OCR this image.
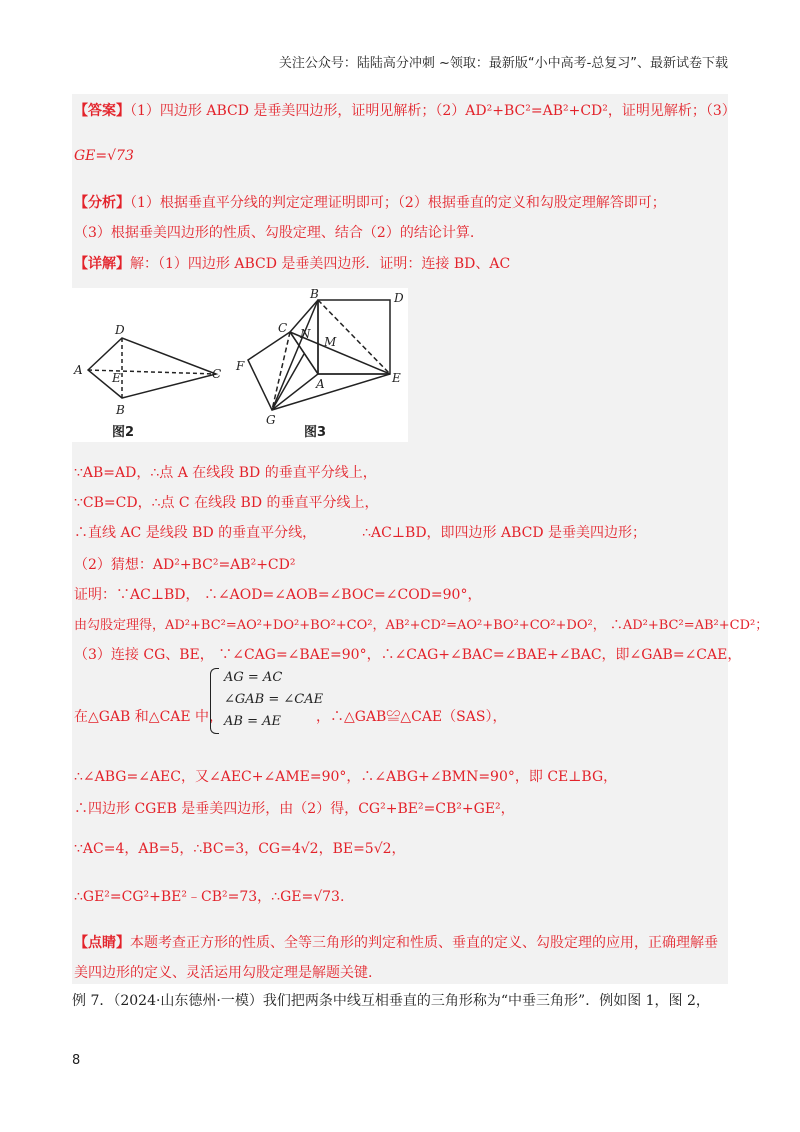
关注公众号：陆陆高分冲刺 ~领取：最新版“小中高考-总复习”、最新试卷下载
【答案】（1）四边形 ABCD 是垂美四边形，证明见解析；（2）AD²+BC²=AB²+CD²，证明见解析；（3）
GE=√73
【分析】（1）根据垂直平分线的判定定理证明即可；（2）根据垂直的定义和勾股定理解答即可；
（3）根据垂美四边形的性质、勾股定理、结合（2）的结论计算.
【详解】解：（1）四边形 ABCD 是垂美四边形．证明：连接 BD、AC
A
D
C
B
E
图2
B	D
C N
M
F
A	E
G
图3
∵AB=AD，∴点 A 在线段 BD 的垂直平分线上，
∵CB=CD，∴点 C 在线段 BD 的垂直平分线上，
∴直线 AC 是线段 BD 的垂直平分线，	∴AC⊥BD，即四边形 ABCD 是垂美四边形；
（2）猜想：AD²+BC²=AB²+CD²
证明：∵AC⊥BD， ∴∠AOD=∠AOB=∠BOC=∠COD=90°，
由勾股定理得，AD²+BC²=AO²+DO²+BO²+CO²，AB²+CD²=AO²+BO²+CO²+DO²， ∴AD²+BC²=AB²+CD²；
（3）连接 CG、BE， ∵∠CAG=∠BAE=90°，∴∠CAG+∠BAC=∠BAE+∠BAC，即∠GAB=∠CAE，
在△GAB 和△CAE 中，
AG = AC
∠GAB = ∠CAE
AB = AE	，∴△GAB≌△CAE（SAS），
∴∠ABG=∠AEC，又∠AEC+∠AME=90°，∴∠ABG+∠BMN=90°，即 CE⊥BG，
∴四边形 CGEB 是垂美四边形，由（2）得，CG²+BE²=CB²+GE²，
∵AC=4，AB=5，∴BC=3，CG=4√2，BE=5√2，
∴GE²=CG²+BE²﹣CB²=73，∴GE=√73.
【点睛】本题考查正方形的性质、全等三角形的判定和性质、垂直的定义、勾股定理的应用，正确理解垂
美四边形的定义、灵活运用勾股定理是解题关键.
例 7．（2024·山东德州·一模）我们把两条中线互相垂直的三角形称为“中垂三角形”．例如图 1，图 2，
8
